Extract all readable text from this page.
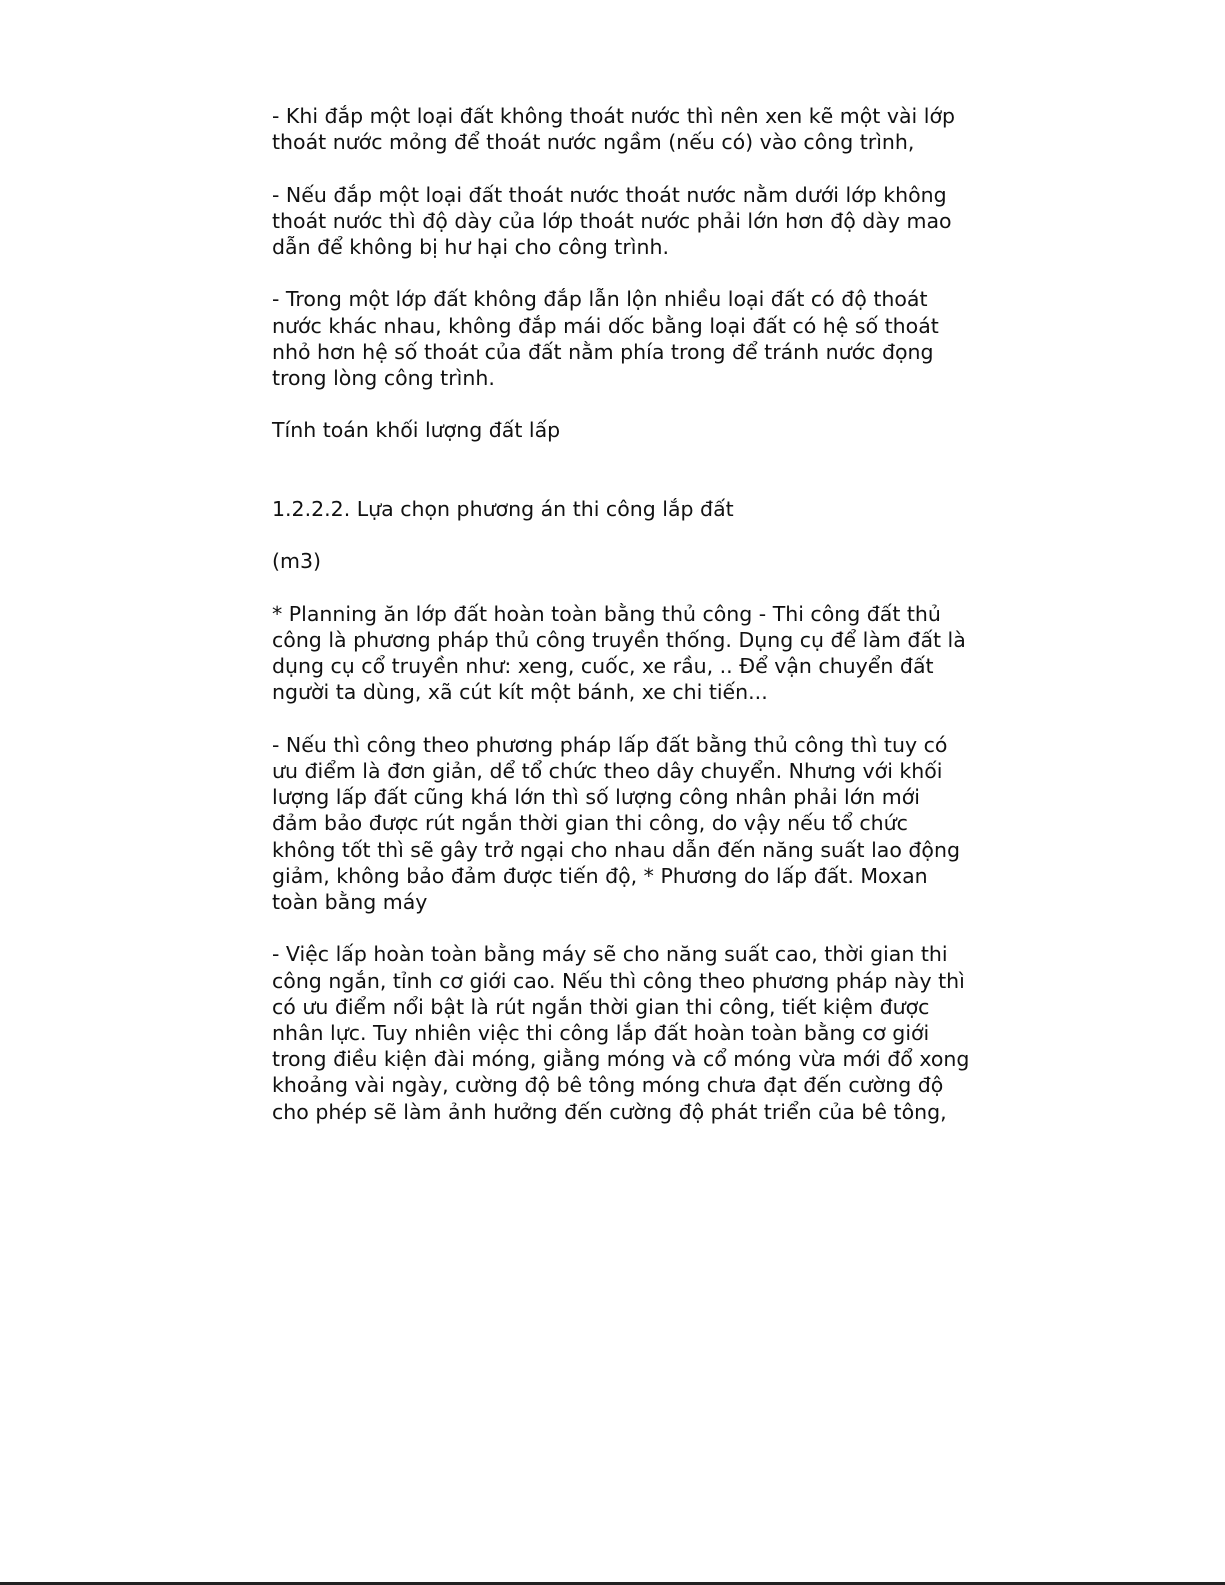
- Khi đắp một loại đất không thoát nước thì nên xen kẽ một vài lớp
thoát nước mỏng để thoát nước ngầm (nếu có) vào công trình,

- Nếu đắp một loại đất thoát nước thoát nước nằm dưới lớp không
thoát nước thì độ dày của lớp thoát nước phải lớn hơn độ dày mao
dẫn để không bị hư hại cho công trình.

- Trong một lớp đất không đắp lẫn lộn nhiều loại đất có độ thoát
nước khác nhau, không đắp mái dốc bằng loại đất có hệ số thoát
nhỏ hơn hệ số thoát của đất nằm phía trong để tránh nước đọng
trong lòng công trình.

Tính toán khối lượng đất lấp

1.2.2.2. Lựa chọn phương án thi công lắp đất

(m3)

* Planning ăn lớp đất hoàn toàn bằng thủ công - Thi công đất thủ
công là phương pháp thủ công truyền thống. Dụng cụ để làm đất là
dụng cụ cổ truyền như: xeng, cuốc, xe rầu, .. Để vận chuyển đất
người ta dùng, xã cút kít một bánh, xe chi tiến...

- Nếu thì công theo phương pháp lấp đất bằng thủ công thì tuy có
ưu điểm là đơn giản, dể tổ chức theo dây chuyển. Nhưng với khối
lượng lấp đất cũng khá lớn thì số lượng công nhân phải lớn mới
đảm bảo được rút ngắn thời gian thi công, do vậy nếu tổ chức
không tốt thì sẽ gây trở ngại cho nhau dẫn đến năng suất lao động
giảm, không bảo đảm được tiến độ, * Phương do lấp đất. Moxan
toàn bằng máy

- Việc lấp hoàn toàn bằng máy sẽ cho năng suất cao, thời gian thi
công ngắn, tỉnh cơ giới cao. Nếu thì công theo phương pháp này thì
có ưu điểm nổi bật là rút ngắn thời gian thi công, tiết kiệm được
nhân lực. Tuy nhiên việc thi công lắp đất hoàn toàn bằng cơ giới
trong điều kiện đài móng, giằng móng và cổ móng vừa mới đổ xong
khoảng vài ngày, cường độ bê tông móng chưa đạt đến cường độ
cho phép sẽ làm ảnh hưởng đến cường độ phát triển của bê tông,
